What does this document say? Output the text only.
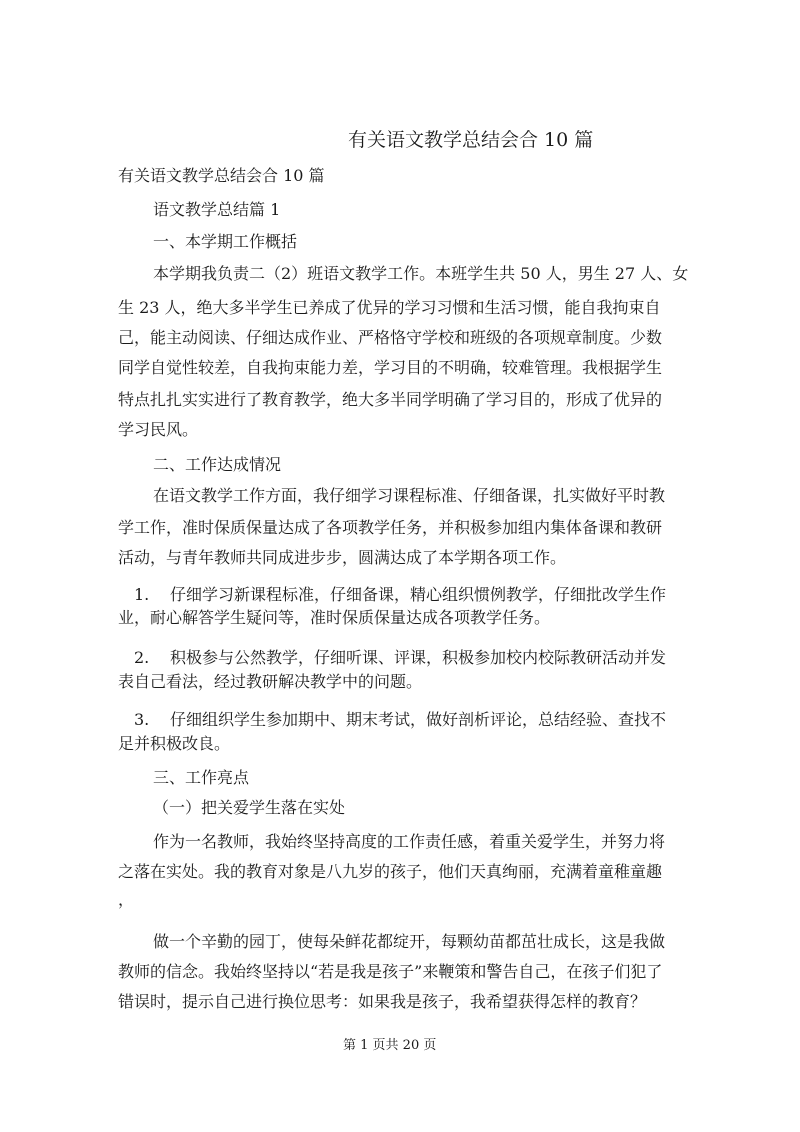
有关语文教学总结会合 10 篇
有关语文教学总结会合 10 篇
语文教学总结篇 1
一、本学期工作概括
本学期我负责二（2）班语文教学工作。本班学生共 50 人，男生 27 人、女
生 23 人，绝大多半学生已养成了优异的学习习惯和生活习惯，能自我拘束自
己，能主动阅读、仔细达成作业、严格恪守学校和班级的各项规章制度。少数
同学自觉性较差，自我拘束能力差，学习目的不明确，较难管理。我根据学生
特点扎扎实实进行了教育教学，绝大多半同学明确了学习目的，形成了优异的
学习民风。
二、工作达成情况
在语文教学工作方面，我仔细学习课程标准、仔细备课，扎实做好平时教
学工作，准时保质保量达成了各项教学任务，并积极参加组内集体备课和教研
活动，与青年教师共同成进步步，圆满达成了本学期各项工作。
1. 仔细学习新课程标准，仔细备课，精心组织惯例教学，仔细批改学生作
业，耐心解答学生疑问等，准时保质保量达成各项教学任务。
2. 积极参与公然教学，仔细听课、评课，积极参加校内校际教研活动并发
表自己看法，经过教研解决教学中的问题。
3. 仔细组织学生参加期中、期末考试，做好剖析评论，总结经验、查找不
足并积极改良。
三、工作亮点
（一）把关爱学生落在实处
作为一名教师，我始终坚持高度的工作责任感，着重关爱学生，并努力将
之落在实处。我的教育对象是八九岁的孩子，他们天真绚丽，充满着童稚童趣
，
做一个辛勤的园丁，使每朵鲜花都绽开，每颗幼苗都茁壮成长，这是我做
教师的信念。我始终坚持以“若是我是孩子”来鞭策和警告自己，在孩子们犯了
错误时，提示自己进行换位思考：如果我是孩子，我希望获得怎样的教育？
第 1 页共 20 页
